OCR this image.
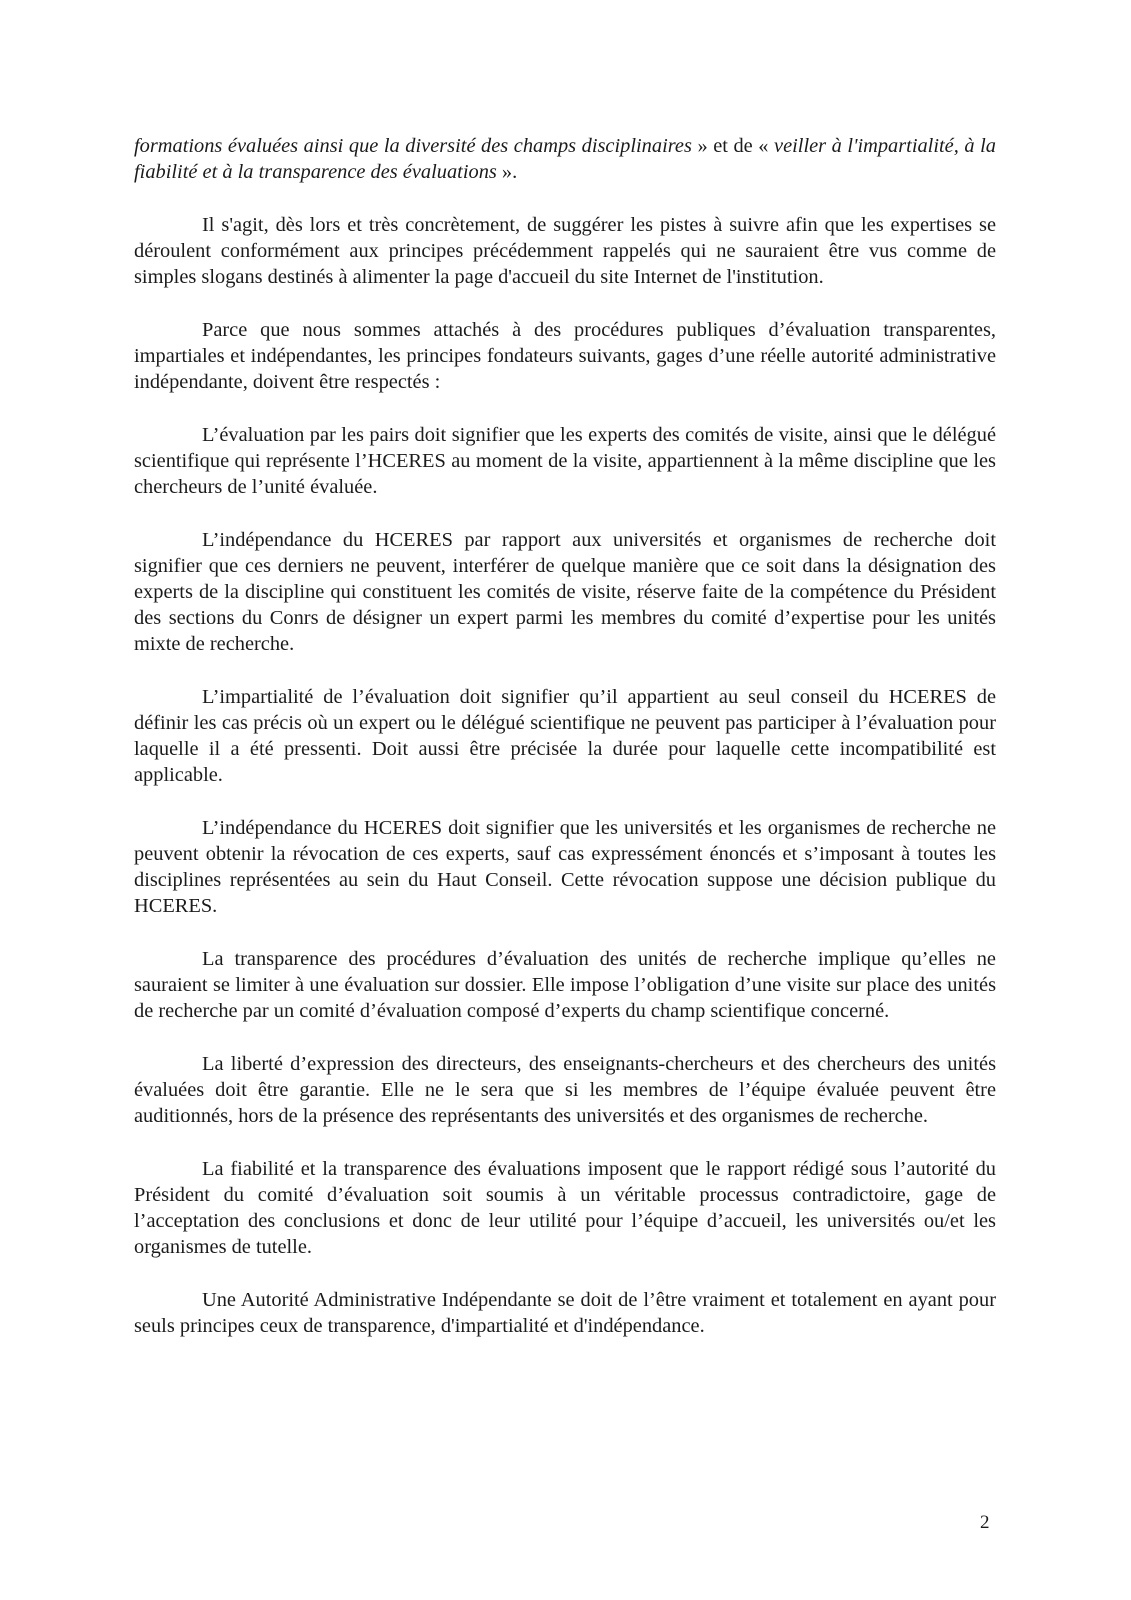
formations évaluées ainsi que la diversité des champs disciplinaires » et de « veiller à l'impartialité, à la fiabilité et à la transparence des évaluations ».

Il s'agit, dès lors et très concrètement, de suggérer les pistes à suivre afin que les expertises se déroulent conformément aux principes précédemment rappelés qui ne sauraient être vus comme de simples slogans destinés à alimenter la page d'accueil du site Internet de l'institution.

Parce que nous sommes attachés à des procédures publiques d’évaluation transparentes, impartiales et indépendantes, les principes fondateurs suivants, gages d’une réelle autorité administrative indépendante, doivent être respectés :

L’évaluation par les pairs doit signifier que les experts des comités de visite, ainsi que le délégué scientifique qui représente l’HCERES au moment de la visite, appartiennent à la même discipline que les chercheurs de l’unité évaluée.

L’indépendance du HCERES par rapport aux universités et organismes de recherche doit signifier que ces derniers ne peuvent, interférer de quelque manière que ce soit dans la désignation des experts de la discipline qui constituent les comités de visite, réserve faite de la compétence du Président des sections du Conrs de désigner un expert parmi les membres du comité d’expertise pour les unités mixte de recherche.

L’impartialité de l’évaluation doit signifier qu’il appartient au seul conseil du HCERES de définir les cas précis où un expert ou le délégué scientifique ne peuvent pas participer à l’évaluation pour laquelle il a été pressenti. Doit aussi être précisée la durée pour laquelle cette incompatibilité est applicable.

L’indépendance du HCERES doit signifier que les universités et les organismes de recherche ne peuvent obtenir la révocation de ces experts, sauf cas expressément énoncés et s’imposant à toutes les disciplines représentées au sein du Haut Conseil. Cette révocation suppose une décision publique du HCERES.

La transparence des procédures d’évaluation des unités de recherche implique qu’elles ne sauraient se limiter à une évaluation sur dossier. Elle impose l’obligation d’une visite sur place des unités de recherche par un comité d’évaluation composé d’experts du champ scientifique concerné.

La liberté d’expression des directeurs, des enseignants-chercheurs et des chercheurs des unités évaluées doit être garantie. Elle ne le sera que si les membres de l’équipe évaluée peuvent être auditionnés, hors de la présence des représentants des universités et des organismes de recherche.

La fiabilité et la transparence des évaluations imposent que le rapport rédigé sous l’autorité du Président du comité d’évaluation soit soumis à un véritable processus contradictoire, gage de l’acceptation des conclusions et donc de leur utilité pour l’équipe d’accueil, les universités ou/et les organismes de tutelle.

Une Autorité Administrative Indépendante se doit de l’être vraiment et totalement en ayant pour seuls principes ceux de transparence, d'impartialité et d'indépendance.

2
